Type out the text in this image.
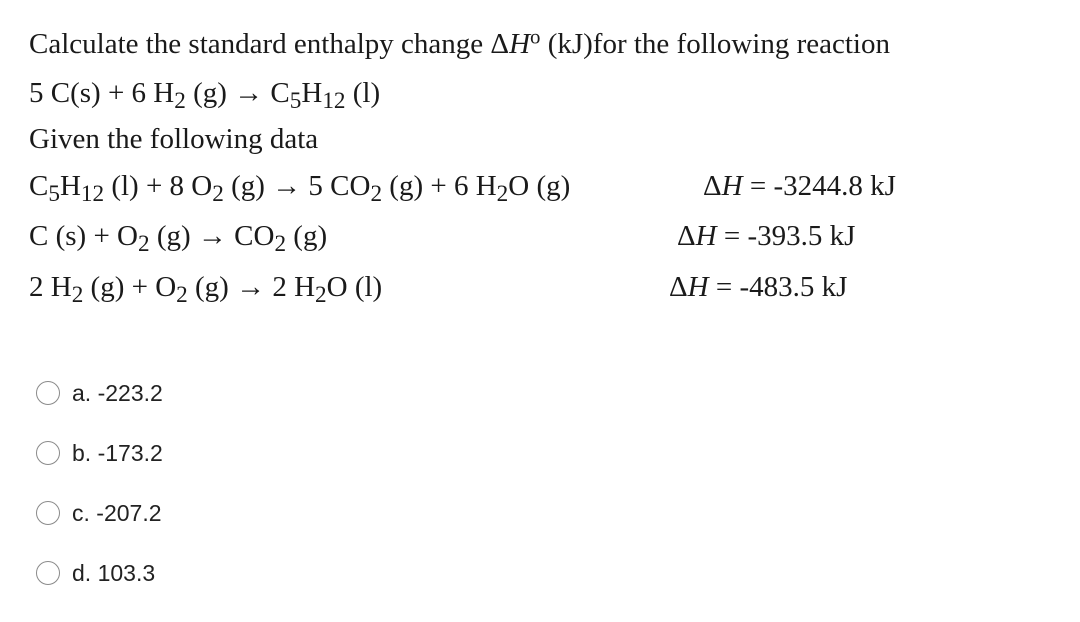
Calculate the standard enthalpy change $\Delta H^o$ (kJ)for the following reaction
5 C(s) + 6 $H_2$ $(g) \to C_5H_{12}$ (l)
Given the following data
$C_5H_{12}$ (l) + 8 $O_2$ (g) → 5 $CO_2$ (g) + 6 $H_2O$ (g)	ΔH = -3244.8 kJ
C $(s) + O_2$ $(g) \to CO_2$ (g)	ΔH = -393.5 kJ
2 $H_2$ $(g) + O_2$ (g) → 2 $H_2O$ (l)	ΔH = -483.5 kJ
a. -223.2
b. -173.2
c. -207.2
d. 103.3
